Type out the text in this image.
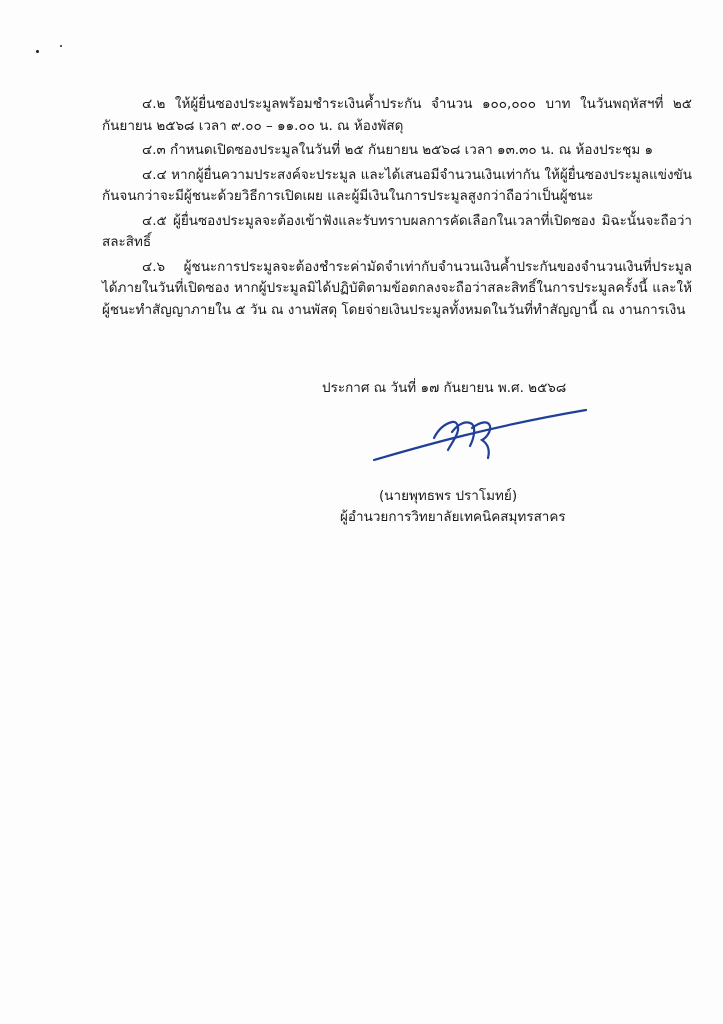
๔.๒ ให้ผู้ยื่นซองประมูลพร้อมชำระเงินค้ำประกัน จำนวน ๑๐๐,๐๐๐ บาท ในวันพฤหัสฯที่ ๒๕ กันยายน ๒๕๖๘ เวลา ๙.๐๐ – ๑๑.๐๐ น. ณ ห้องพัสดุ

๔.๓ กำหนดเปิดซองประมูลในวันที่ ๒๕ กันยายน ๒๕๖๘ เวลา ๑๓.๓๐ น. ณ ห้องประชุม ๑

๔.๔ หากผู้ยื่นความประสงค์จะประมูล และได้เสนอมีจำนวนเงินเท่ากัน ให้ผู้ยื่นซองประมูลแข่งขันกันจนกว่าจะมีผู้ชนะด้วยวิธีการเปิดเผย และผู้มีเงินในการประมูลสูงกว่าถือว่าเป็นผู้ชนะ

๔.๕ ผู้ยื่นซองประมูลจะต้องเข้าฟังและรับทราบผลการคัดเลือกในเวลาที่เปิดซอง มิฉะนั้นจะถือว่าสละสิทธิ์

๔.๖ ผู้ชนะการประมูลจะต้องชำระค่ามัดจำเท่ากับจำนวนเงินค้ำประกันของจำนวนเงินที่ประมูลได้ภายในวันที่เปิดซอง หากผู้ประมูลมิได้ปฏิบัติตามข้อตกลงจะถือว่าสละสิทธิ์ในการประมูลครั้งนี้ และให้ผู้ชนะทำสัญญาภายใน ๕ วัน ณ งานพัสดุ โดยจ่ายเงินประมูลทั้งหมดในวันที่ทำสัญญานี้ ณ งานการเงิน

ประกาศ ณ วันที่ ๑๗ กันยายน พ.ศ. ๒๕๖๘
(นายพุทธพร ปราโมทย์)
ผู้อำนวยการวิทยาลัยเทคนิคสมุทรสาคร
